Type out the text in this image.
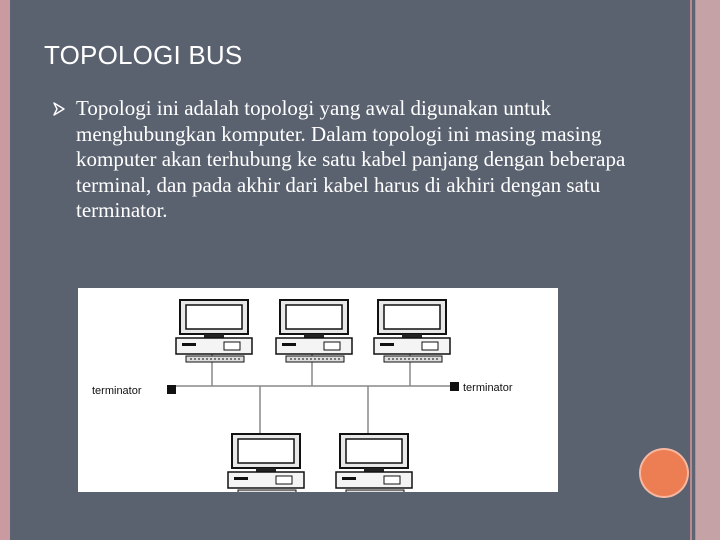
TOPOLOGI BUS
Topologi ini adalah topologi yang awal digunakan untuk menghubungkan komputer. Dalam topologi ini masing masing komputer akan terhubung ke satu kabel panjang dengan beberapa terminal, dan pada akhir dari kabel harus di akhiri dengan satu terminator.
terminator	terminator
